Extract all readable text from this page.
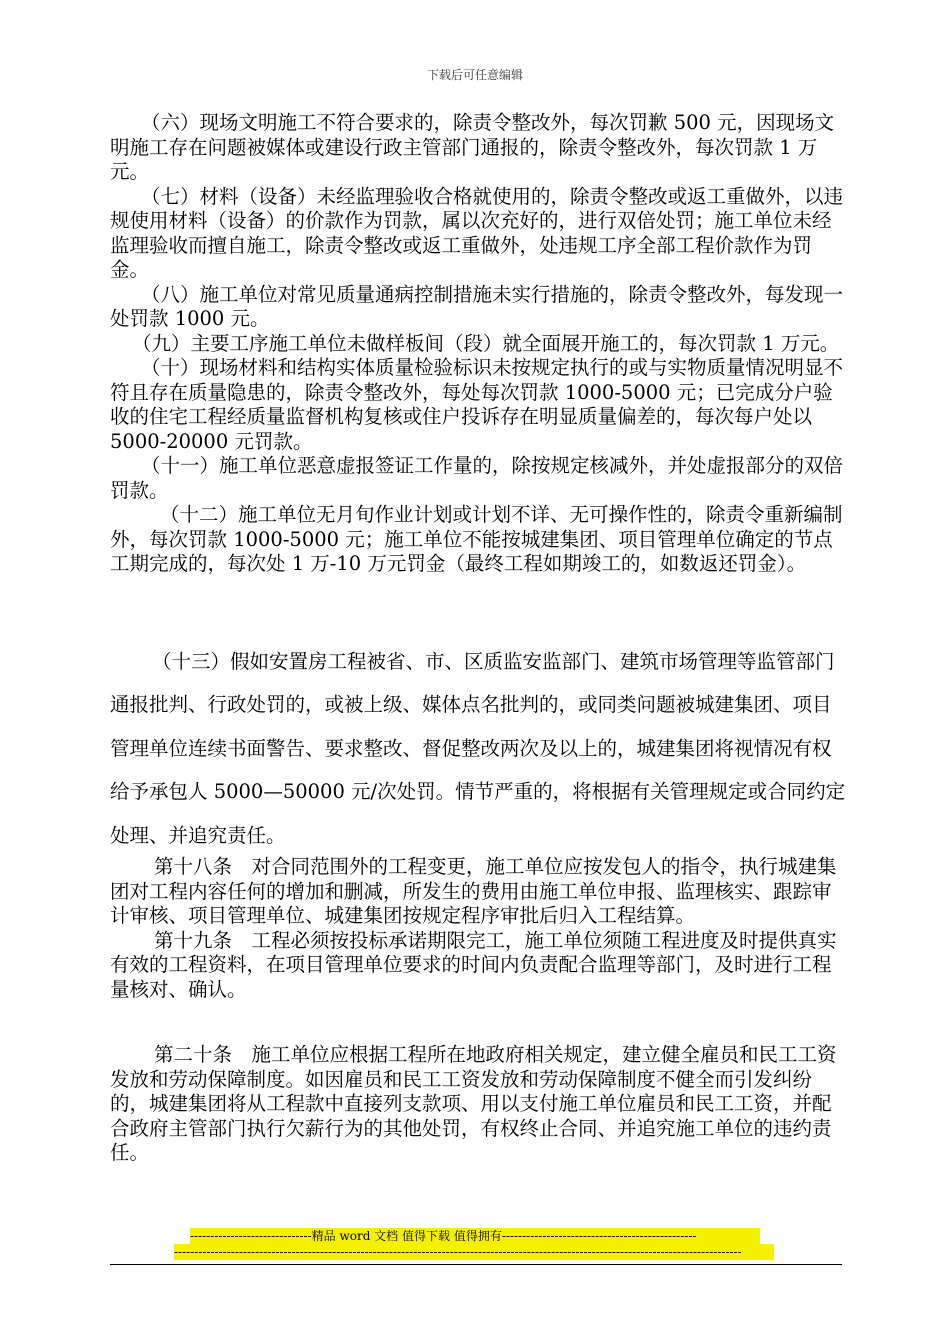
下载后可任意编辑

（六）现场文明施工不符合要求的，除责令整改外，每次罚歉 500 元，因现场文明施工存在问题被媒体或建设行政主管部门通报的，除责令整改外，每次罚款 1 万元。

（七）材料（设备）未经监理验收合格就使用的，除责令整改或返工重做外，以违规使用材料（设备）的价款作为罚款，属以次充好的，进行双倍处罚；施工单位未经监理验收而擅自施工，除责令整改或返工重做外，处违规工序全部工程价款作为罚金。

（八）施工单位对常见质量通病控制措施未实行措施的，除责令整改外，每发现一处罚款 1000 元。

（九）主要工序施工单位未做样板间（段）就全面展开施工的，每次罚款 1 万元。

（十）现场材料和结构实体质量检验标识未按规定执行的或与实物质量情况明显不符且存在质量隐患的，除责令整改外，每处每次罚款 1000-5000 元；已完成分户验收的住宅工程经质量监督机构复核或住户投诉存在明显质量偏差的，每次每户处以 5000-20000 元罚款。

（十一）施工单位恶意虚报签证工作量的，除按规定核减外，并处虚报部分的双倍罚款。

（十二）施工单位无月旬作业计划或计划不详、无可操作性的，除责令重新编制外，每次罚款 1000-5000 元；施工单位不能按城建集团、项目管理单位确定的节点工期完成的，每次处 1 万-10 万元罚金（最终工程如期竣工的，如数返还罚金）。

（十三）假如安置房工程被省、市、区质监安监部门、建筑市场管理等监管部门通报批判、行政处罚的，或被上级、媒体点名批判的，或同类问题被城建集团、项目管理单位连续书面警告、要求整改、督促整改两次及以上的，城建集团将视情况有权给予承包人 5000—50000 元/次处罚。情节严重的，将根据有关管理规定或合同约定处理、并追究责任。

第十八条　对合同范围外的工程变更，施工单位应按发包人的指令，执行城建集团对工程内容任何的增加和删减，所发生的费用由施工单位申报、监理核实、跟踪审计审核、项目管理单位、城建集团按规定程序审批后归入工程结算。

第十九条　工程必须按投标承诺期限完工，施工单位须随工程进度及时提供真实有效的工程资料，在项目管理单位要求的时间内负责配合监理等部门，及时进行工程量核对、确认。

第二十条　施工单位应根据工程所在地政府相关规定，建立健全雇员和民工工资发放和劳动保障制度。如因雇员和民工工资发放和劳动保障制度不健全而引发纠纷的，城建集团将从工程款中直接列支款项、用以支付施工单位雇员和民工工资，并配合政府主管部门执行欠薪行为的其他处罚，有权终止合同、并追究施工单位的违约责任。

------------------------------精品 word 文档 值得下载 值得拥有------------------------------------------------
--------------------------------------------------------------------------------------------------------------------------------------------
